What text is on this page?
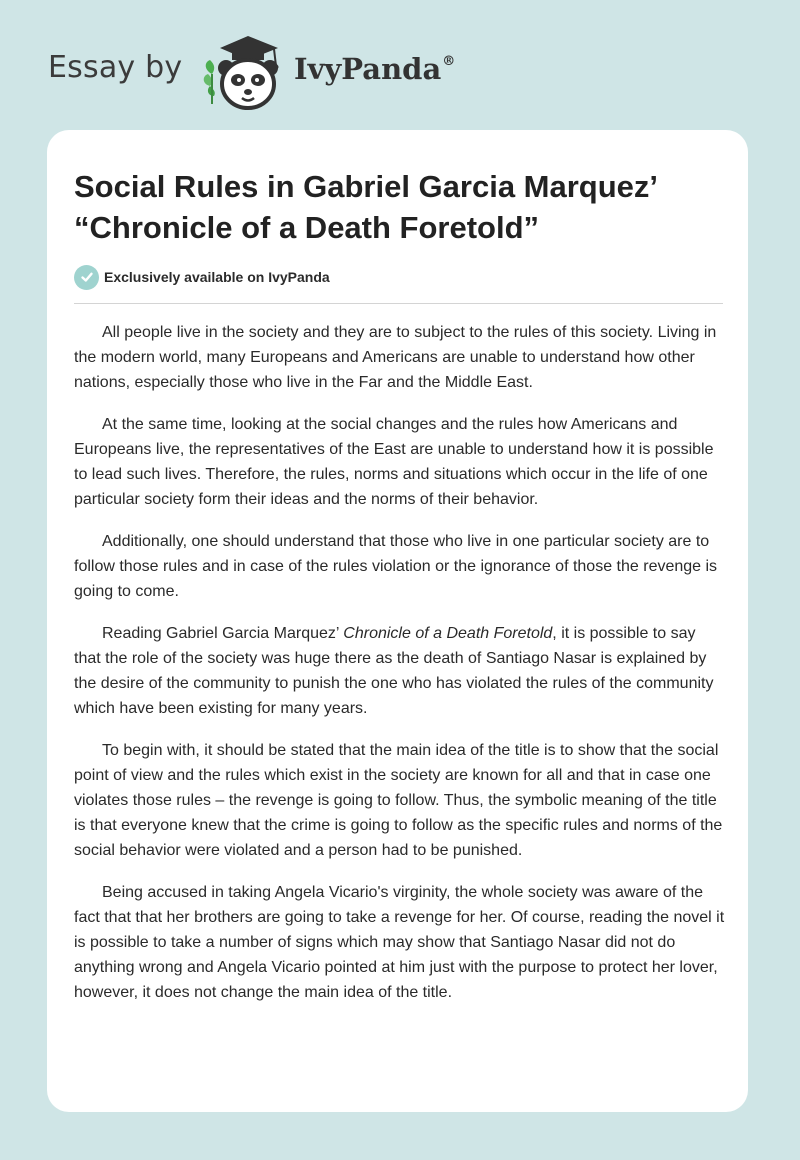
Essay by	IvyPanda®
Social Rules in Gabriel Garcia Marquez’ “Chronicle of a Death Foretold”
Exclusively available on IvyPanda

All people live in the society and they are to subject to the rules of this society. Living in the modern world, many Europeans and Americans are unable to understand how other nations, especially those who live in the Far and the Middle East.

At the same time, looking at the social changes and the rules how Americans and Europeans live, the representatives of the East are unable to understand how it is possible to lead such lives. Therefore, the rules, norms and situations which occur in the life of one particular society form their ideas and the norms of their behavior.

Additionally, one should understand that those who live in one particular society are to follow those rules and in case of the rules violation or the ignorance of those the revenge is going to come.

Reading Gabriel Garcia Marquez’ Chronicle of a Death Foretold, it is possible to say that the role of the society was huge there as the death of Santiago Nasar is explained by the desire of the community to punish the one who has violated the rules of the community which have been existing for many years.

To begin with, it should be stated that the main idea of the title is to show that the social point of view and the rules which exist in the society are known for all and that in case one violates those rules – the revenge is going to follow. Thus, the symbolic meaning of the title is that everyone knew that the crime is going to follow as the specific rules and norms of the social behavior were violated and a person had to be punished.

Being accused in taking Angela Vicario's virginity, the whole society was aware of the fact that that her brothers are going to take a revenge for her. Of course, reading the novel it is possible to take a number of signs which may show that Santiago Nasar did not do anything wrong and Angela Vicario pointed at him just with the purpose to protect her lover, however, it does not change the main idea of the title.
